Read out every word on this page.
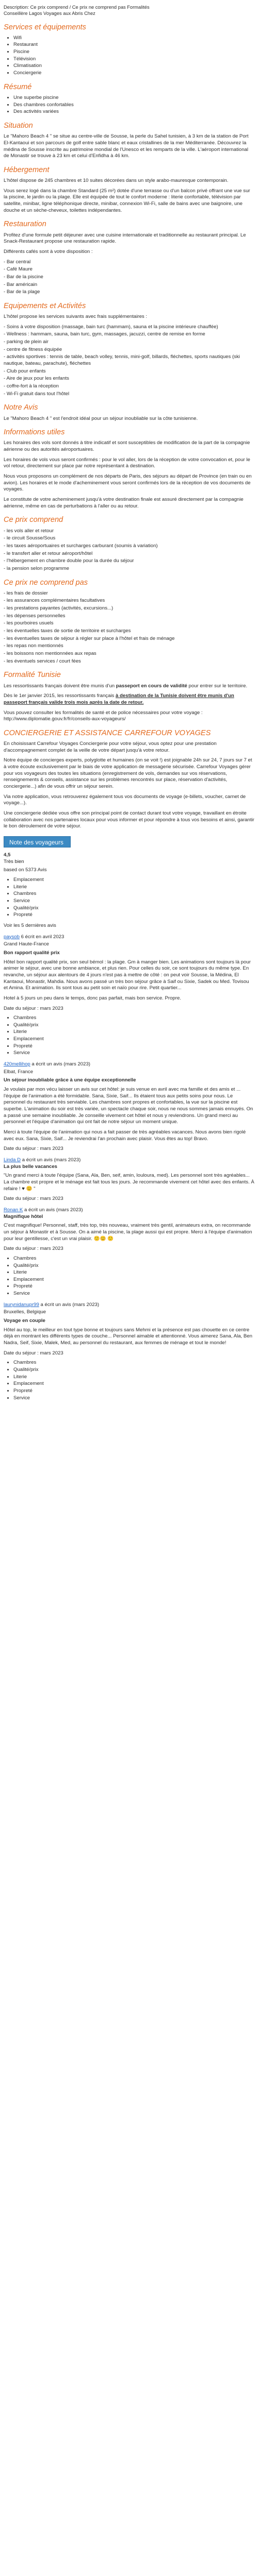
Description: Ce prix comprend / Ce prix ne comprend pas Formalités
Conseillère Lagos Voyages aux Abris Chez
Services et équipements
• Wifi
• Restaurant
• Piscine
• Télévision
• Climatisation
• Conciergerie
Résumé
• Une superbe piscine
• Des chambres confortables
• Des activités variées
Situation

Le "Mahoro Beach 4 " se situe au centre-ville de Sousse, la perle du Sahel tunisien, à 3 km de la station de Port El-Kantaoui et son parcours de golf entre sable blanc et eaux cristallines de la mer Méditerranée. Découvrez la médina de Sousse inscrite au patrimoine mondial de l'Unesco et les remparts de la ville. L'aéroport international de Monastir se trouve à 23 km et celui d'Enfidha à 46 km.

Hébergement

L'hôtel dispose de 245 chambres et 10 suites décorées dans un style arabo-mauresque contemporain.

Vous serez logé dans la chambre Standard (25 m²) dotée d'une terrasse ou d'un balcon privé offrant une vue sur la piscine, le jardin ou la plage. Elle est équipée de tout le confort moderne : literie confortable, télévision par satellite, minibar, ligne téléphonique directe, minibar, connexion Wi-Fi, salle de bains avec une baignoire, une douche et un sèche-cheveux, toilettes indépendantes.

Restauration

Profitez d'une formule petit déjeuner avec une cuisine internationale et traditionnelle au restaurant principal. Le Snack-Restaurant propose une restauration rapide.

Différents cafés sont à votre disposition :

- Bar central
- Café Maure
- Bar de la piscine
- Bar américain
- Bar de la plage
Equipements et Activités

L'hôtel propose les services suivants avec frais supplémentaires :

- Soins à votre disposition (massage, bain turc (hammam), sauna et la piscine intérieure chauffée)
- Wellness : hammam, sauna, bain turc, gym, massages, jacuzzi, centre de remise en forme
- parking de plein air
- centre de fitness équipée
- activités sportives : tennis de table, beach volley, tennis, mini-golf, billards, fléchettes, sports nautiques (ski nautique, bateau, parachute), fléchettes
- Club pour enfants
- Aire de jeux pour les enfants
- coffre-fort à la réception
- Wi-Fi gratuit dans tout l'hôtel
Notre Avis

Le "Mahoro Beach 4 " est l'endroit idéal pour un séjour inoubliable sur la côte tunisienne.

Informations utiles

Les horaires des vols sont donnés à titre indicatif et sont susceptibles de modification de la part de la compagnie aérienne ou des autorités aéroportuaires.

Les horaires de vols vous seront confirmés : pour le vol aller, lors de la réception de votre convocation et, pour le vol retour, directement sur place par notre représentant à destination.

Nous vous proposons un complément de nos départs de Paris, des séjours au départ de Province (en train ou en avion). Les horaires et le mode d'acheminement vous seront confirmés lors de la réception de vos documents de voyages.

Le constitute de votre acheminement jusqu'à votre destination finale est assuré directement par la compagnie aérienne, même en cas de perturbations à l'aller ou au retour.

Ce prix comprend
- les vols aller et retour
- le circuit Sousse/Sous
- les taxes aéroportuaires et surcharges carburant (soumis à variation)
- le transfert aller et retour aéroport/hôtel
- l'hébergement en chambre double pour la durée du séjour
- la pension selon programme
Ce prix ne comprend pas
- les frais de dossier
- les assurances complémentaires facultatives
- les prestations payantes (activités, excursions...)
- les dépenses personnelles
- les pourboires usuels
- les éventuelles taxes de sortie de territoire et surcharges
- les éventuelles taxes de séjour à régler sur place à l'hôtel et frais de ménage
- les repas non mentionnés
- les boissons non mentionnées aux repas
- les éventuels services / court fées
Formalité Tunisie

Les ressortissants français doivent être munis d'un passeport en cours de validité pour entrer sur le territoire.

Dès le 1er janvier 2015, les ressortissants français à destination de la Tunisie doivent être munis d'un passeport français valide trois mois après la date de retour.

Vous pouvez consulter les formalités de santé et de police nécessaires pour votre voyage : http://www.diplomatie.gouv.fr/fr/conseils-aux-voyageurs/

CONCIERGERIE ET ASSISTANCE CARREFOUR VOYAGES

En choisissant Carrefour Voyages Conciergerie pour votre séjour, vous optez pour une prestation d'accompagnement complet de la veille de votre départ jusqu'à votre retour.

Notre équipe de concierges experts, polyglotte et humaines (on se voit !) est joignable 24h sur 24, 7 jours sur 7 et à votre écoute exclusivement par le biais de votre application de messagerie sécurisée. Carrefour Voyages gérer pour vos voyageurs des toutes les situations (enregistrement de vols, demandes sur vos réservations, renseignements & conseils, assistance sur les problèmes rencontrés sur place, réservation d'activités, conciergerie...) afin de vous offrir un séjour serein.

Via notre application, vous retrouverez également tous vos documents de voyage (e-billets, voucher, carnet de voyage...).

Une conciergerie dédiée vous offre son principal point de contact durant tout votre voyage, travaillant en étroite collaboration avec nos partenaires locaux pour vous informer et pour répondre à tous vos besoins et ainsi, garantir le bon déroulement de votre séjour.

Note des voyageurs
4,5
Très bien
based on 5373 Avis
• Emplacement
• Literie
• Chambres
• Service
• Qualité/prix
• Propreté
Voir les 5 dernières avis
paysob 6 écrit en avril 2023
Grand Haute-France
Bon rapport qualité prix

Hôtel bon rapport qualité prix, son seul bémol : la plage. Gm à manger bien. Les animations sont toujours là pour animer le séjour, avec une bonne ambiance, et plus rien. Pour celles du soir, ce sont toujours du même type. En revanche, un séjour aux alentours de 4 jours n'est pas à mettre de côté : on peut voir Sousse, la Médina, El Kantaoui, Monastir, Mahdia. Nous avons passé un très bon séjour grâce à Saif ou Sixie, Sadek ou Med. Tovisou et Amina. Et animation. Ils sont tous au petit soin et naïo pour rire. Petit quartier...

Hotel à 5 jours un peu dans le temps, donc pas parfait, mais bon service. Propre.

Date du séjour : mars 2023
• Chambres
• Qualité/prix
• Literie
• Emplacement
• Propreté
• Service
420mellihop a écrit un avis (mars 2023)
Elbat, France
Un séjour inoubliable grâce à une équipe exceptionnelle

Je voulais par mon vécu laisser un avis sur cet hôtel: je suis venue en avril avec ma famille et des amis et ... l'équipe de l'animation a été formidable. Sana, Sixie, Saif... Ils étaient tous aux petits soins pour nous. Le personnel du restaurant très serviable. Les chambres sont propres et confortables, la vue sur la piscine est superbe. L'animation du soir est très variée, un spectacle chaque soir, nous ne nous sommes jamais ennuyés. On a passé une semaine inoubliable. Je conseille vivement cet hôtel et nous y reviendrons. Un grand merci au personnel et l'équipe d'animation qui ont fait de notre séjour un moment unique.

Merci à toute l'équipe de l'animation qui nous a fait passer de très agréables vacances. Nous avons bien rigolé avec eux. Sana, Sixie, Saif... Je reviendrai l'an prochain avec plaisir. Vous êtes au top! Bravo.

Date du séjour : mars 2023
Linda D a écrit un avis (mars 2023)
La plus belle vacances

"Un grand merci à toute l'équipe (Sana, Ala, Ben, seif, amin, louloura, med). Les personnel sont très agréables... La chambre est propre et le ménage est fait tous les jours. Je recommande vivement cet hôtel avec des enfants. À refaire ! ♥ 😊 "

Date du séjour : mars 2023
Ronan K a écrit un avis (mars 2023)
Magnifique hôtel

C'est magnifique! Personnel, staff, très top, très nouveau, vraiment très gentil, animateurs extra, on recommande un séjour à Monastir et à Sousse. On a aimé la piscine, la plage aussi qui est propre. Merci à l'équipe d'animation pour leur gentillesse, c'est un vrai plaisir. 🙂😊 🙂

Date du séjour : mars 2023
• Chambres
• Qualité/prix
• Literie
• Emplacement
• Propreté
• Service
laurynidanupr99 a écrit un avis (mars 2023)
Bruxelles, Belgique
Voyage en couple

Hôtel au top, le meilleur en tout type bonne et toujours sans Mehmi et la présence est pas chouette en ce centre déjà en montrant les différents types de couche... Personnel aimable et attentionné. Vous aimerez Sana, Ala, Ben Nadra, Seif, Sixie, Malek, Med, au personnel du restaurant, aux femmes de ménage et tout le monde!

Date du séjour : mars 2023
• Chambres
• Qualité/prix
• Literie
• Emplacement
• Propreté
• Service
